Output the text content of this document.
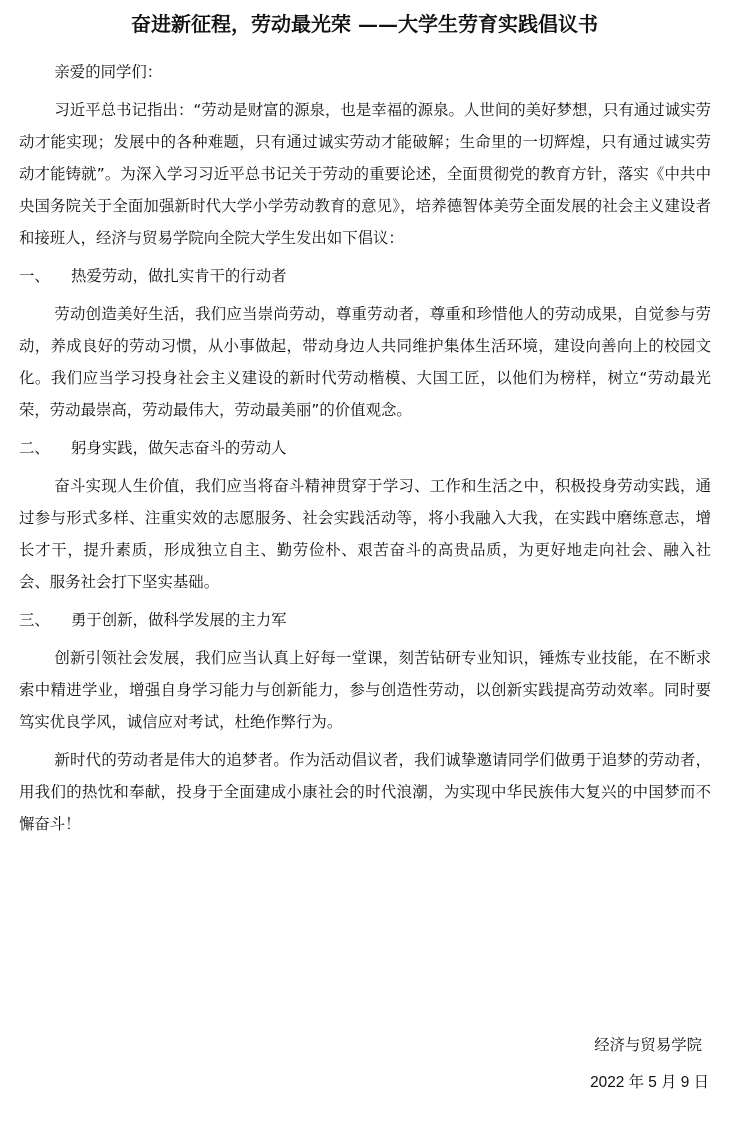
奋进新征程，劳动最光荣 ——大学生劳育实践倡议书

亲爱的同学们：

习近平总书记指出：“劳动是财富的源泉，也是幸福的源泉。人世间的美好梦想，只有通过诚实劳动才能实现；发展中的各种难题，只有通过诚实劳动才能破解；生命里的一切辉煌，只有通过诚实劳动才能铸就”。为深入学习习近平总书记关于劳动的重要论述，全面贯彻党的教育方针，落实《中共中央国务院关于全面加强新时代大学小学劳动教育的意见》，培养德智体美劳全面发展的社会主义建设者和接班人，经济与贸易学院向全院大学生发出如下倡议：

一、 热爱劳动，做扎实肯干的行动者

劳动创造美好生活，我们应当崇尚劳动，尊重劳动者，尊重和珍惜他人的劳动成果，自觉参与劳动，养成良好的劳动习惯，从小事做起，带动身边人共同维护集体生活环境，建设向善向上的校园文化。我们应当学习投身社会主义建设的新时代劳动楷模、大国工匠，以他们为榜样，树立“劳动最光荣，劳动最崇高，劳动最伟大，劳动最美丽”的价值观念。

二、 躬身实践，做矢志奋斗的劳动人

奋斗实现人生价值，我们应当将奋斗精神贯穿于学习、工作和生活之中，积极投身劳动实践，通过参与形式多样、注重实效的志愿服务、社会实践活动等，将小我融入大我，在实践中磨练意志，增长才干，提升素质，形成独立自主、勤劳俭朴、艰苦奋斗的高贵品质，为更好地走向社会、融入社会、服务社会打下坚实基础。

三、 勇于创新，做科学发展的主力军

创新引领社会发展，我们应当认真上好每一堂课，刻苦钻研专业知识，锤炼专业技能，在不断求索中精进学业，增强自身学习能力与创新能力，参与创造性劳动，以创新实践提高劳动效率。同时要笃实优良学风，诚信应对考试，杜绝作弊行为。

新时代的劳动者是伟大的追梦者。作为活动倡议者，我们诚挚邀请同学们做勇于追梦的劳动者，用我们的热忱和奉献，投身于全面建成小康社会的时代浪潮，为实现中华民族伟大复兴的中国梦而不懈奋斗！

经济与贸易学院
2022 年 5 月 9 日
